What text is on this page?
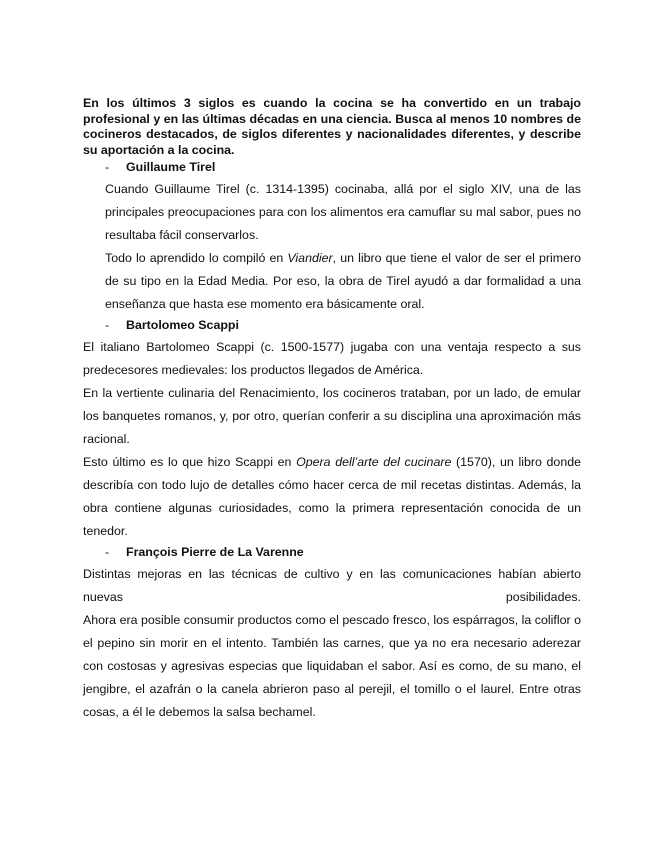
En los últimos 3 siglos es cuando la cocina se ha convertido en un trabajo profesional y en las últimas décadas en una ciencia. Busca al menos 10 nombres de cocineros destacados, de siglos diferentes y nacionalidades diferentes, y describe su aportación a la cocina.

- Guillaume Tirel

Cuando Guillaume Tirel (c. 1314-1395) cocinaba, allá por el siglo XIV, una de las principales preocupaciones para con los alimentos era camuflar su mal sabor, pues no resultaba fácil conservarlos.

Todo lo aprendido lo compiló en Viandier, un libro que tiene el valor de ser el primero de su tipo en la Edad Media. Por eso, la obra de Tirel ayudó a dar formalidad a una enseñanza que hasta ese momento era básicamente oral.

- Bartolomeo Scappi

El italiano Bartolomeo Scappi (c. 1500-1577) jugaba con una ventaja respecto a sus predecesores medievales: los productos llegados de América.

En la vertiente culinaria del Renacimiento, los cocineros trataban, por un lado, de emular los banquetes romanos, y, por otro, querían conferir a su disciplina una aproximación más racional.

Esto último es lo que hizo Scappi en Opera dell’arte del cucinare (1570), un libro donde describía con todo lujo de detalles cómo hacer cerca de mil recetas distintas. Además, la obra contiene algunas curiosidades, como la primera representación conocida de un tenedor.

- François Pierre de La Varenne

Distintas mejoras en las técnicas de cultivo y en las comunicaciones habían abierto nuevas posibilidades.

Ahora era posible consumir productos como el pescado fresco, los espárragos, la coliflor o el pepino sin morir en el intento. También las carnes, que ya no era necesario aderezar con costosas y agresivas especias que liquidaban el sabor. Así es como, de su mano, el jengibre, el azafrán o la canela abrieron paso al perejil, el tomillo o el laurel. Entre otras cosas, a él le debemos la salsa bechamel.
